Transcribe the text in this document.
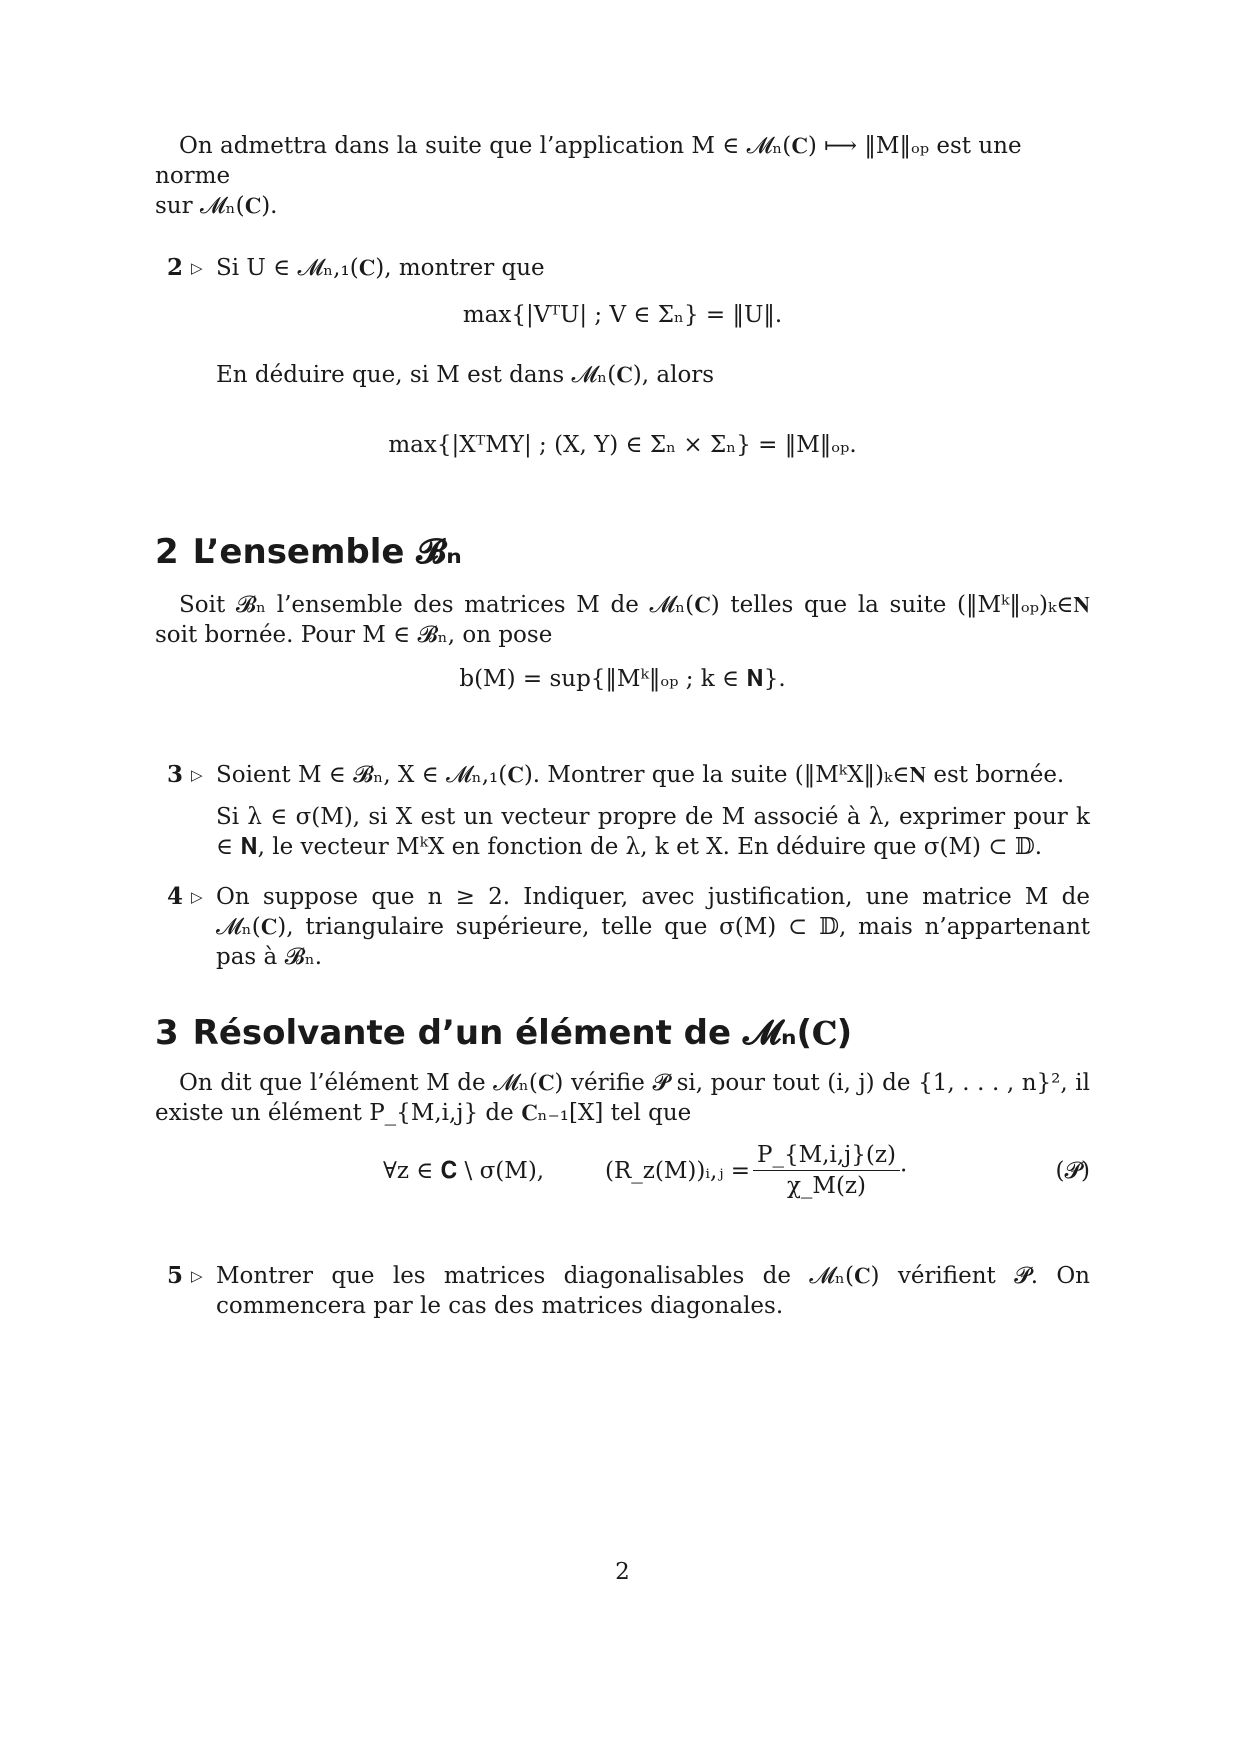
On admettra dans la suite que l’application M ∈ 𝓜ₙ(𝐂) ⟼ ‖M‖ₒₚ est une norme

sur 𝓜ₙ(𝐂).

2 ▷ Si U ∈ 𝓜ₙ,₁(𝐂), montrer que

max{|VᵀU| ; V ∈ Σₙ} = ‖U‖.

En déduire que, si M est dans 𝓜ₙ(𝐂), alors

max{|XᵀMY| ; (X, Y) ∈ Σₙ × Σₙ} = ‖M‖ₒₚ.
2 L’ensemble 𝓑ₙ

Soit 𝓑ₙ l’ensemble des matrices M de 𝓜ₙ(𝐂) telles que la suite (‖Mᵏ‖ₒₚ)ₖ∈𝐍 soit bornée. Pour M ∈ 𝓑ₙ, on pose

b(M) = sup{‖Mᵏ‖ₒₚ ; k ∈ 𝐍}.
3 ▷ Soient M ∈ 𝓑ₙ, X ∈ 𝓜ₙ,₁(𝐂). Montrer que la suite (‖MᵏX‖)ₖ∈𝐍 est bornée.

Si λ ∈ σ(M), si X est un vecteur propre de M associé à λ, exprimer pour k ∈ 𝐍, le vecteur MᵏX en fonction de λ, k et X. En déduire que σ(M) ⊂ 𝔻.

4 ▷ On suppose que n ≥ 2. Indiquer, avec justification, une matrice M de 𝓜ₙ(𝐂), triangulaire supérieure, telle que σ(M) ⊂ 𝔻, mais n’appartenant pas à 𝓑ₙ.

3 Résolvante d’un élément de 𝓜ₙ(𝐂)

On dit que l’élément M de 𝓜ₙ(𝐂) vérifie 𝓟 si, pour tout (i, j) de {1, . . . , n}², il existe un élément P_{M,i,j} de 𝐂ₙ₋₁[X] tel que

∀z ∈ 𝐂 \ σ(M),	(R_z(M))ᵢ,ⱼ = $\frac{P\_\{M,i,j\}(z)}{\chi\_M(z)}$ ·	(𝓟)
5 ▷ Montrer que les matrices diagonalisables de 𝓜ₙ(𝐂) vérifient 𝓟. On commencera par le cas des matrices diagonales.

2
